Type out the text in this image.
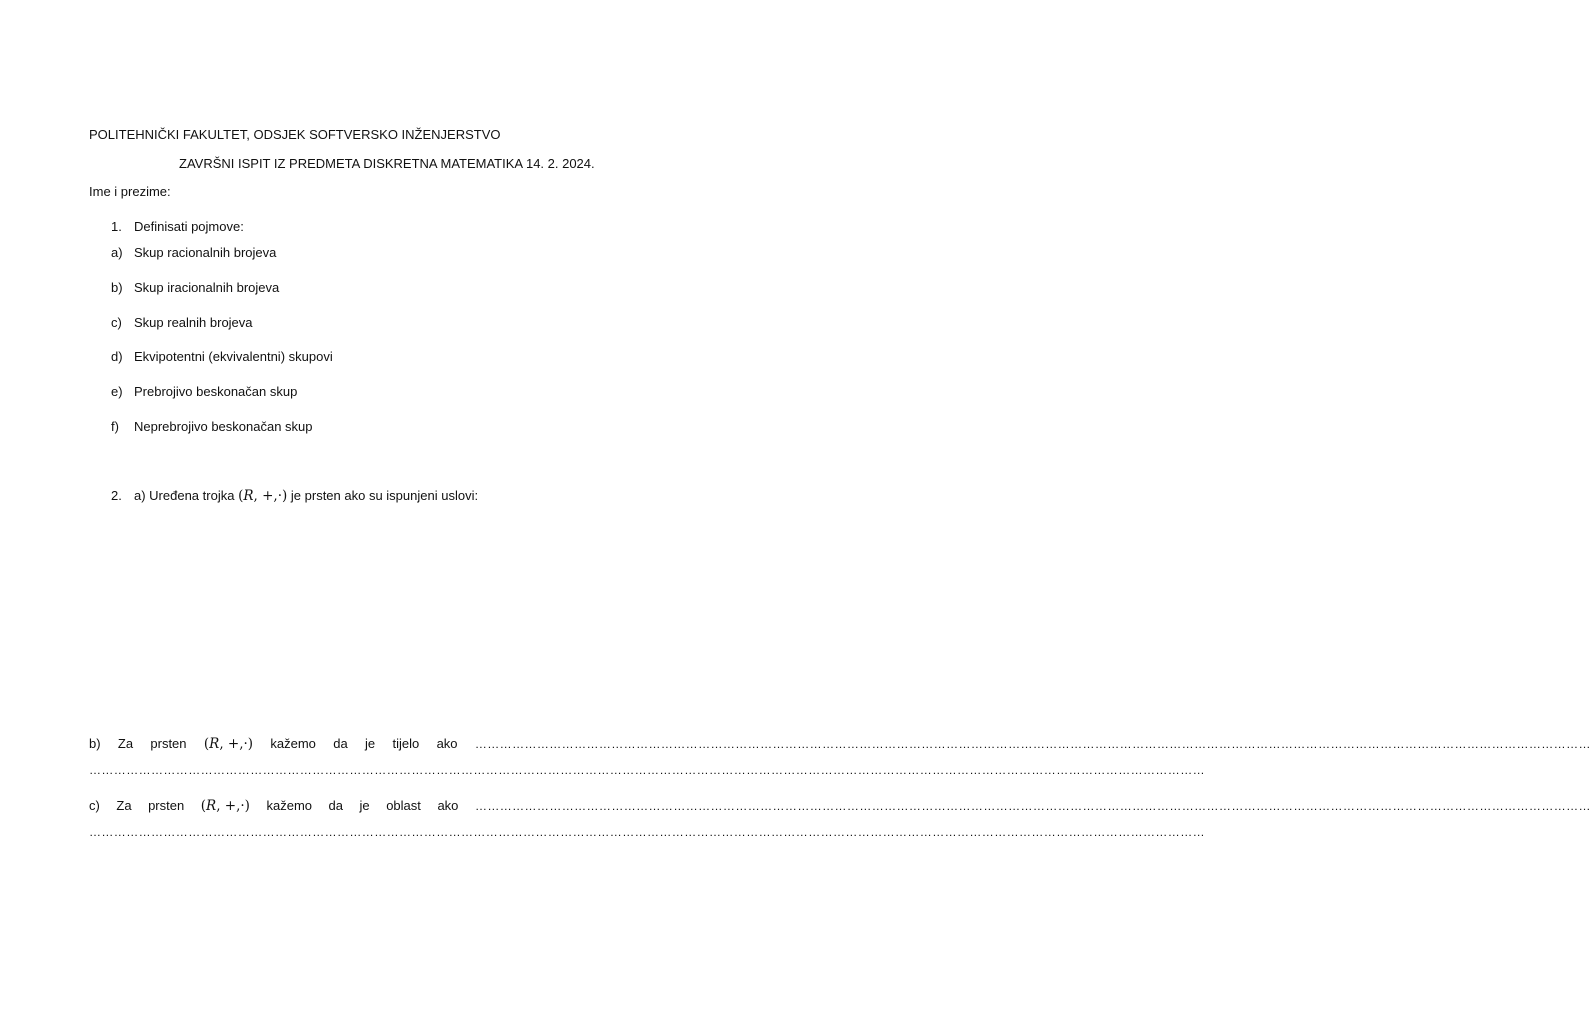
POLITEHNIČKI FAKULTET, ODSJEK SOFTVERSKO INŽENJERSTVO
ZAVRŠNI ISPIT IZ PREDMETA DISKRETNA MATEMATIKA 14. 2. 2024.
Ime i prezime:
1. Definisati pojmove:
a) Skup racionalnih brojeva
b) Skup iracionalnih brojeva
c) Skup realnih brojeva
d) Ekvipotentni (ekvivalentni) skupovi
e) Prebrojivo beskonačan skup
f) Neprebrojivo beskonačan skup
2. a) Uređena trojka (R, +,·) je prsten ako su ispunjeni uslovi:
b) Za prsten (R, +,·) kažemo da je tijelo ako ………………………………………………………………………………………………………………………………………………………………………………………………………………………………………………
………………………………………………………………………………………………………………………………………………………………………………………………………………………………………………
c) Za prsten (R, +,·) kažemo da je oblast ako ………………………………………………………………………………………………………………………………………………………………………………………………………………………………………………
………………………………………………………………………………………………………………………………………………………………………………………………………………………………………………
